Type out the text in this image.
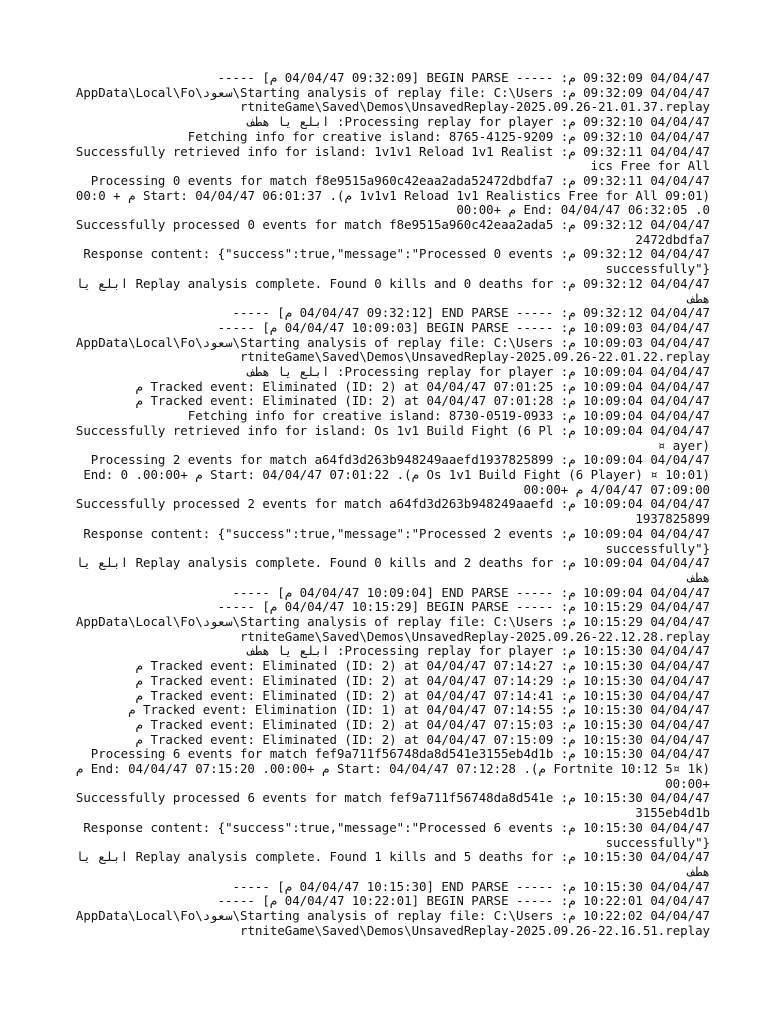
04/04/47 09:32:09 م: ----- BEGIN PARSE [04/04/47 09:32:09 م] -----
04/04/47 09:32:09 م: Starting analysis of replay file: C:\Users\سعود\AppData\Local\FortniteGame\Saved\Demos\UnsavedReplay-2025.09.26-21.01.37.replay
04/04/47 09:32:10 م: Processing replay for player: ابلع يا هطف
04/04/47 09:32:10 م: Fetching info for creative island: 8765-4125-9209
04/04/47 09:32:11 م: Successfully retrieved info for island: 1v1v1 Reload 1v1 Realistics Free for All
04/04/47 09:32:11 م: Processing 0 events for match f8e9515a960c42eaa2ada52472dbdfa7 (1v1v1 Reload 1v1 Realistics Free for All 09:01 م). Start: 04/04/47 06:01:37 م + 00:00. End: 04/04/47 06:32:05 م +00:00
04/04/47 09:32:12 م: Successfully processed 0 events for match f8e9515a960c42eaa2ada52472dbdfa7
04/04/47 09:32:12 م: Response content: {"success":true,"message":"Processed 0 events successfully"}
04/04/47 09:32:12 م: Replay analysis complete. Found 0 kills and 0 deaths for ابلع يا هطف
04/04/47 09:32:12 م: ----- END PARSE [04/04/47 09:32:12 م] -----
04/04/47 10:09:03 م: ----- BEGIN PARSE [04/04/47 10:09:03 م] -----
04/04/47 10:09:03 م: Starting analysis of replay file: C:\Users\سعود\AppData\Local\FortniteGame\Saved\Demos\UnsavedReplay-2025.09.26-22.01.22.replay
04/04/47 10:09:04 م: Processing replay for player: ابلع يا هطف
04/04/47 10:09:04 م: Tracked event: Eliminated (ID: 2) at 04/04/47 07:01:25 م
04/04/47 10:09:04 م: Tracked event: Eliminated (ID: 2) at 04/04/47 07:01:28 م
04/04/47 10:09:04 م: Fetching info for creative island: 8730-0519-0933
04/04/47 10:09:04 م: Successfully retrieved info for island: Os 1v1 Build Fight (6 Player) ¤
04/04/47 10:09:04 م: Processing 2 events for match a64fd3d263b948249aaefd1937825899 (Os 1v1 Build Fight (6 Player) ¤ 10:01 م). Start: 04/04/47 07:01:22 م +00:00. End: 04/04/47 07:09:00 م +00:00
04/04/47 10:09:04 م: Successfully processed 2 events for match a64fd3d263b948249aaefd1937825899
04/04/47 10:09:04 م: Response content: {"success":true,"message":"Processed 2 events successfully"}
04/04/47 10:09:04 م: Replay analysis complete. Found 0 kills and 2 deaths for ابلع يا هطف
04/04/47 10:09:04 م: ----- END PARSE [04/04/47 10:09:04 م] -----
04/04/47 10:15:29 م: ----- BEGIN PARSE [04/04/47 10:15:29 م] -----
04/04/47 10:15:29 م: Starting analysis of replay file: C:\Users\سعود\AppData\Local\FortniteGame\Saved\Demos\UnsavedReplay-2025.09.26-22.12.28.replay
04/04/47 10:15:30 م: Processing replay for player: ابلع يا هطف
04/04/47 10:15:30 م: Tracked event: Eliminated (ID: 2) at 04/04/47 07:14:27 م
04/04/47 10:15:30 م: Tracked event: Eliminated (ID: 2) at 04/04/47 07:14:29 م
04/04/47 10:15:30 م: Tracked event: Eliminated (ID: 2) at 04/04/47 07:14:41 م
04/04/47 10:15:30 م: Tracked event: Elimination (ID: 1) at 04/04/47 07:14:55 م
04/04/47 10:15:30 م: Tracked event: Eliminated (ID: 2) at 04/04/47 07:15:03 م
04/04/47 10:15:30 م: Tracked event: Eliminated (ID: 2) at 04/04/47 07:15:09 م
04/04/47 10:15:30 م: Processing 6 events for match fef9a711f56748da8d541e3155eb4d1b (Fortnite 10:12 5¤ 1k م). Start: 04/04/47 07:12:28 م +00:00. End: 04/04/47 07:15:20 م +00:00
04/04/47 10:15:30 م: Successfully processed 6 events for match fef9a711f56748da8d541e3155eb4d1b
04/04/47 10:15:30 م: Response content: {"success":true,"message":"Processed 6 events successfully"}
04/04/47 10:15:30 م: Replay analysis complete. Found 1 kills and 5 deaths for ابلع يا هطف
04/04/47 10:15:30 م: ----- END PARSE [04/04/47 10:15:30 م] -----
04/04/47 10:22:01 م: ----- BEGIN PARSE [04/04/47 10:22:01 م] -----
04/04/47 10:22:02 م: Starting analysis of replay file: C:\Users\سعود\AppData\Local\FortniteGame\Saved\Demos\UnsavedReplay-2025.09.26-22.16.51.replay
